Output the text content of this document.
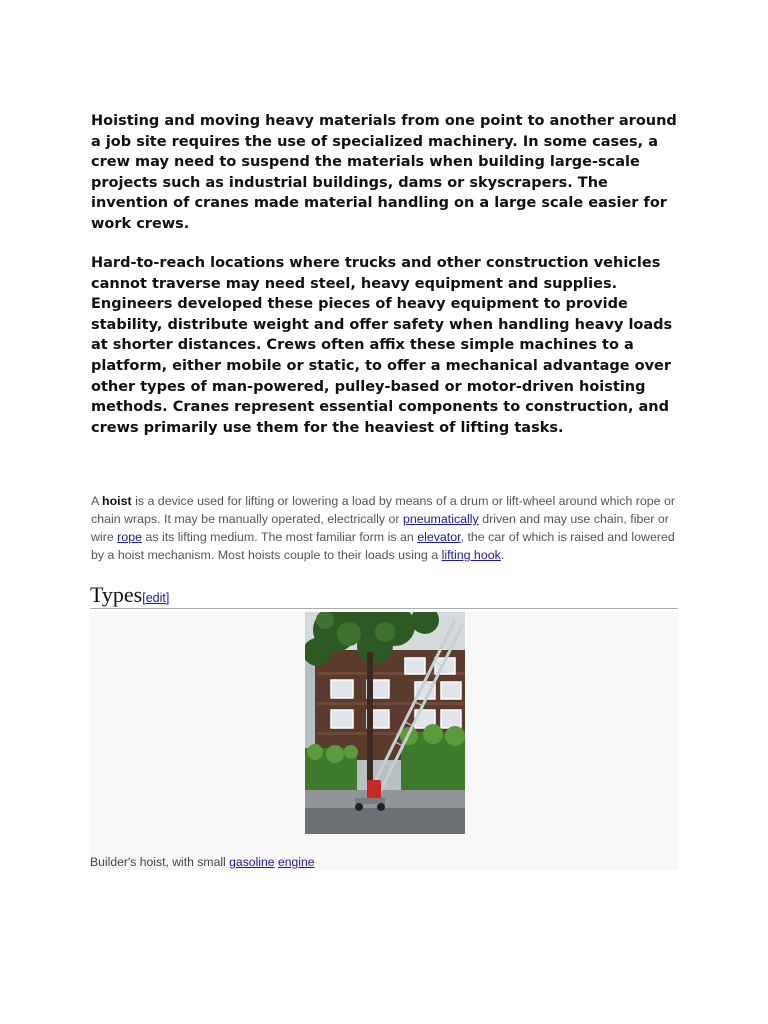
Hoisting and moving heavy materials from one point to another around a job site requires the use of specialized machinery. In some cases, a crew may need to suspend the materials when building large-scale projects such as industrial buildings, dams or skyscrapers. The invention of cranes made material handling on a large scale easier for work crews.

Hard-to-reach locations where trucks and other construction vehicles cannot traverse may need steel, heavy equipment and supplies. Engineers developed these pieces of heavy equipment to provide stability, distribute weight and offer safety when handling heavy loads at shorter distances. Crews often affix these simple machines to a platform, either mobile or static, to offer a mechanical advantage over other types of man-powered, pulley-based or motor-driven hoisting methods. Cranes represent essential components to construction, and crews primarily use them for the heaviest of lifting tasks.

A hoist is a device used for lifting or lowering a load by means of a drum or lift-wheel around which rope or chain wraps. It may be manually operated, electrically or pneumatically driven and may use chain, fiber or wire rope as its lifting medium. The most familiar form is an elevator, the car of which is raised and lowered by a hoist mechanism. Most hoists couple to their loads using a lifting hook.

Types[edit]
Builder's hoist, with small gasoline engine
